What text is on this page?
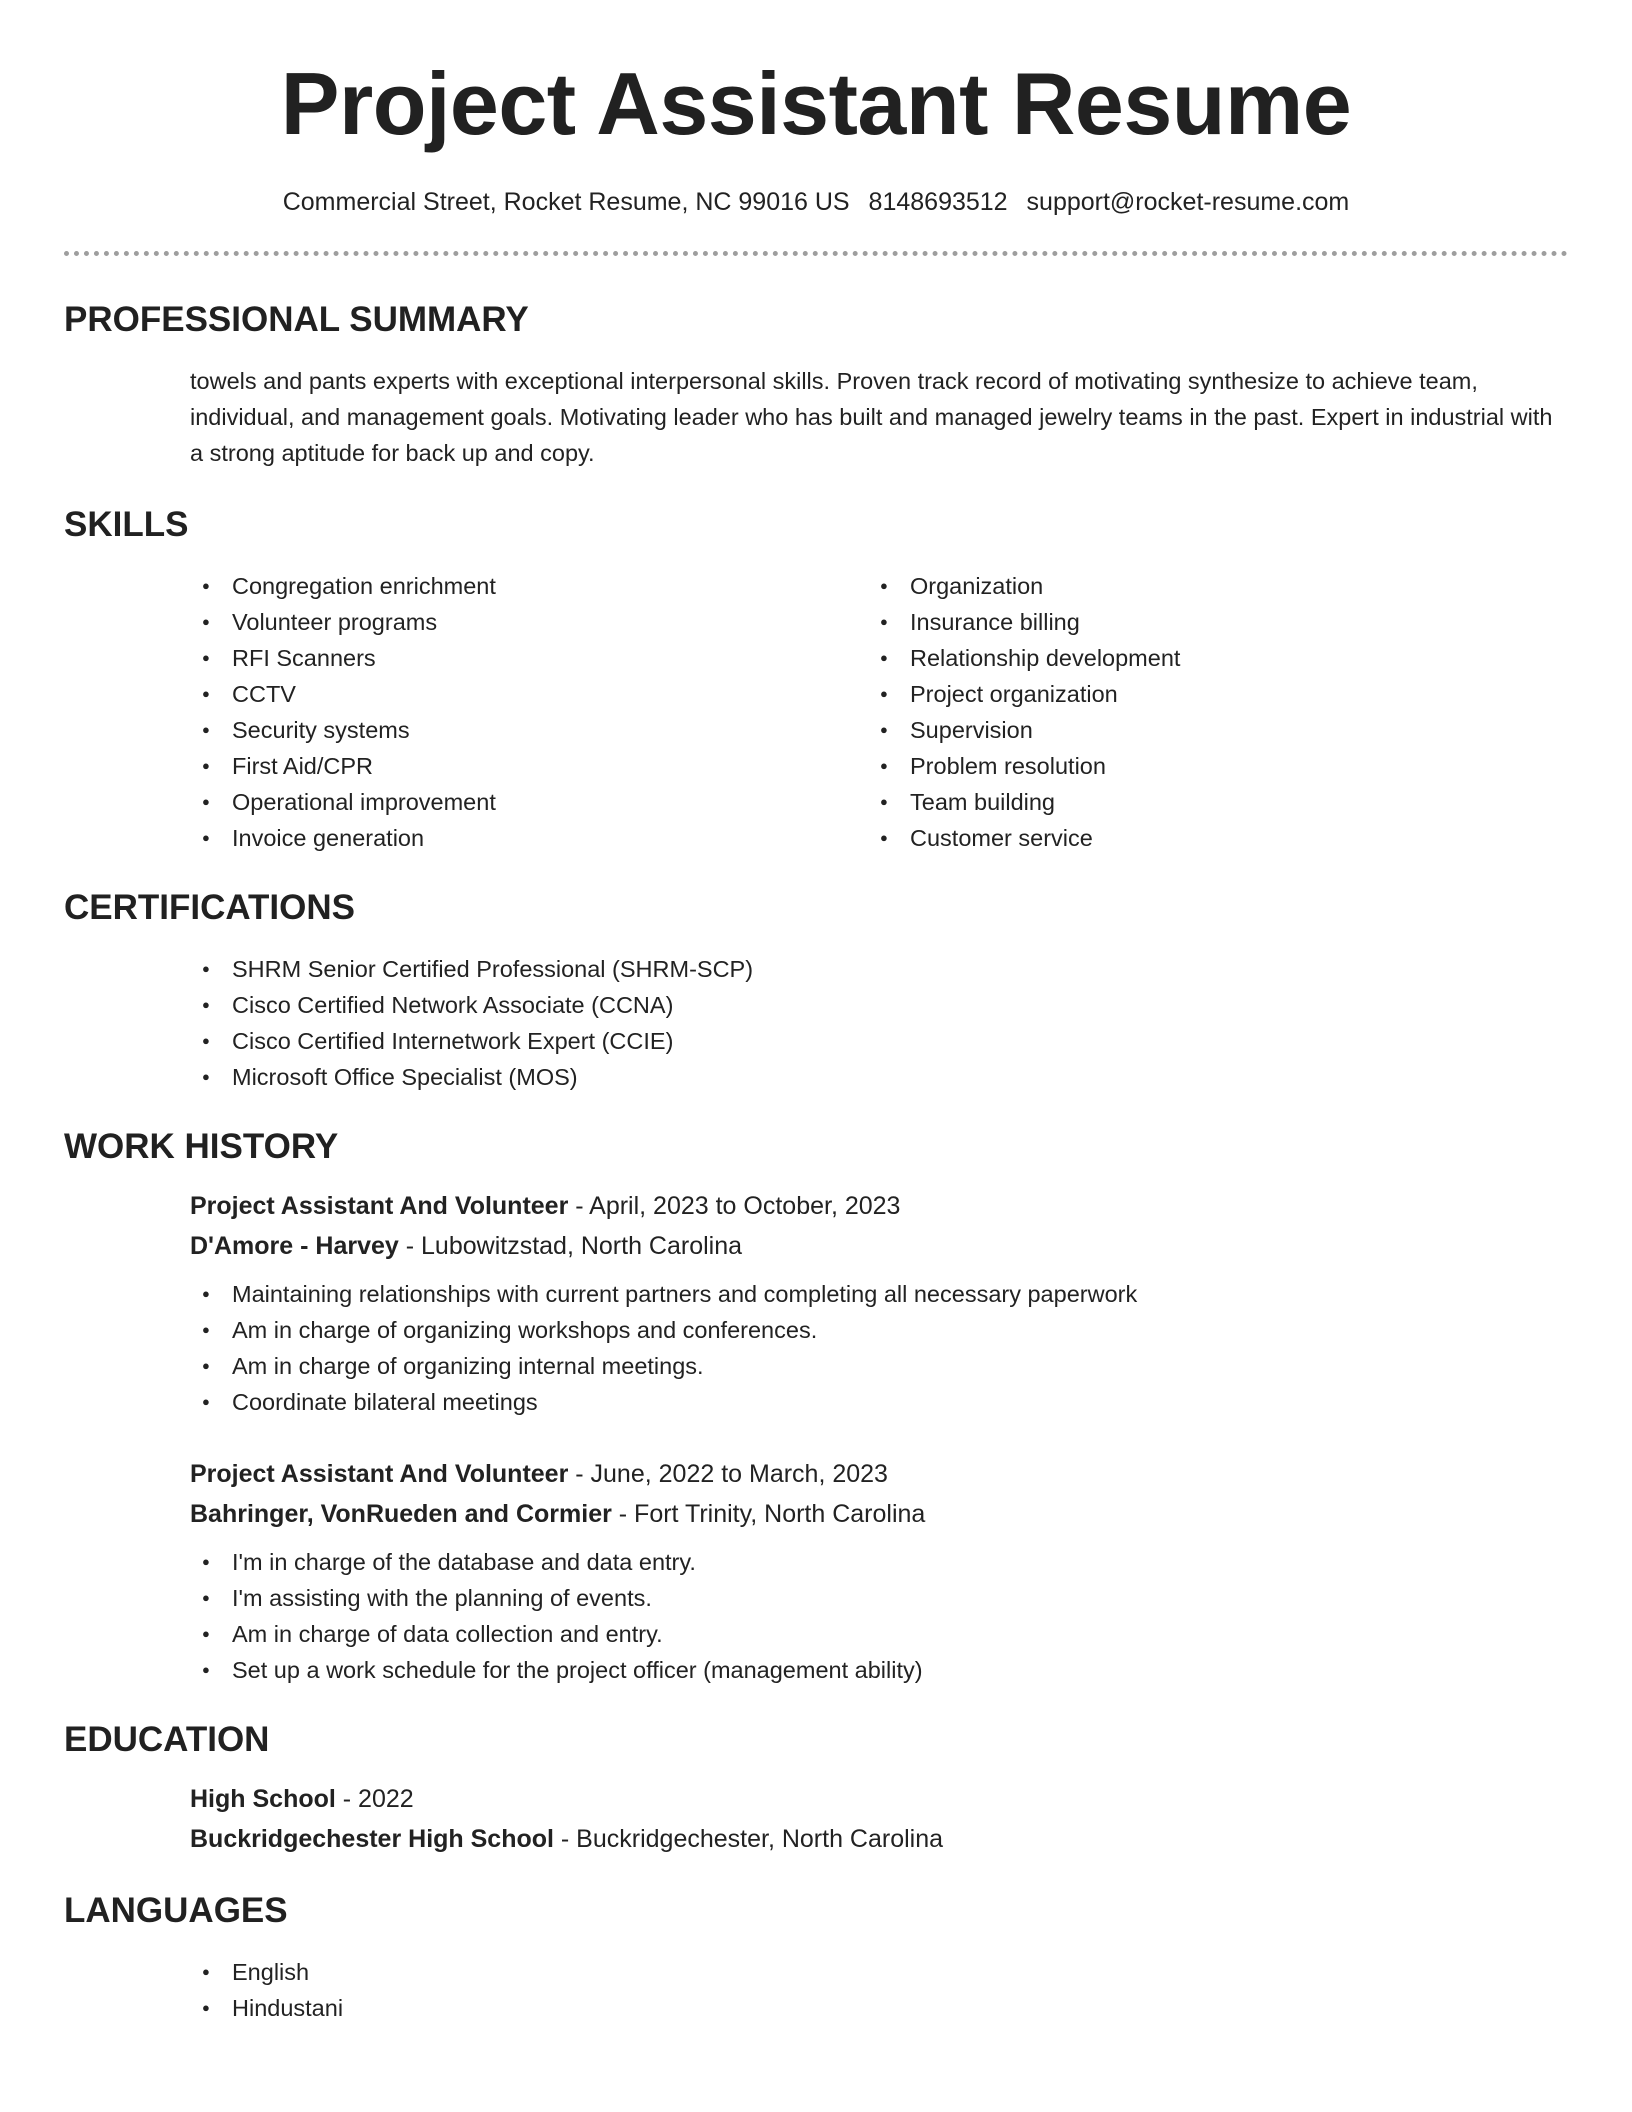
Project Assistant Resume
Commercial Street, Rocket Resume, NC 99016 US 8148693512 support@rocket-resume.com
PROFESSIONAL SUMMARY

towels and pants experts with exceptional interpersonal skills. Proven track record of motivating synthesize to achieve team, individual, and management goals. Motivating leader who has built and managed jewelry teams in the past. Expert in industrial with a strong aptitude for back up and copy.

SKILLS
● Congregation enrichment
● Volunteer programs
● RFI Scanners
● CCTV
● Security systems
● First Aid/CPR
● Operational improvement
● Invoice generation
● Organization
● Insurance billing
● Relationship development
● Project organization
● Supervision
● Problem resolution
● Team building
● Customer service
CERTIFICATIONS
● SHRM Senior Certified Professional (SHRM-SCP)
● Cisco Certified Network Associate (CCNA)
● Cisco Certified Internetwork Expert (CCIE)
● Microsoft Office Specialist (MOS)
WORK HISTORY
Project Assistant And Volunteer - April, 2023 to October, 2023
D'Amore - Harvey - Lubowitzstad, North Carolina
● Maintaining relationships with current partners and completing all necessary paperwork
● Am in charge of organizing workshops and conferences.
● Am in charge of organizing internal meetings.
● Coordinate bilateral meetings
Project Assistant And Volunteer - June, 2022 to March, 2023
Bahringer, VonRueden and Cormier - Fort Trinity, North Carolina
● I'm in charge of the database and data entry.
● I'm assisting with the planning of events.
● Am in charge of data collection and entry.
● Set up a work schedule for the project officer (management ability)
EDUCATION
High School - 2022
Buckridgechester High School - Buckridgechester, North Carolina
LANGUAGES
● English
● Hindustani
